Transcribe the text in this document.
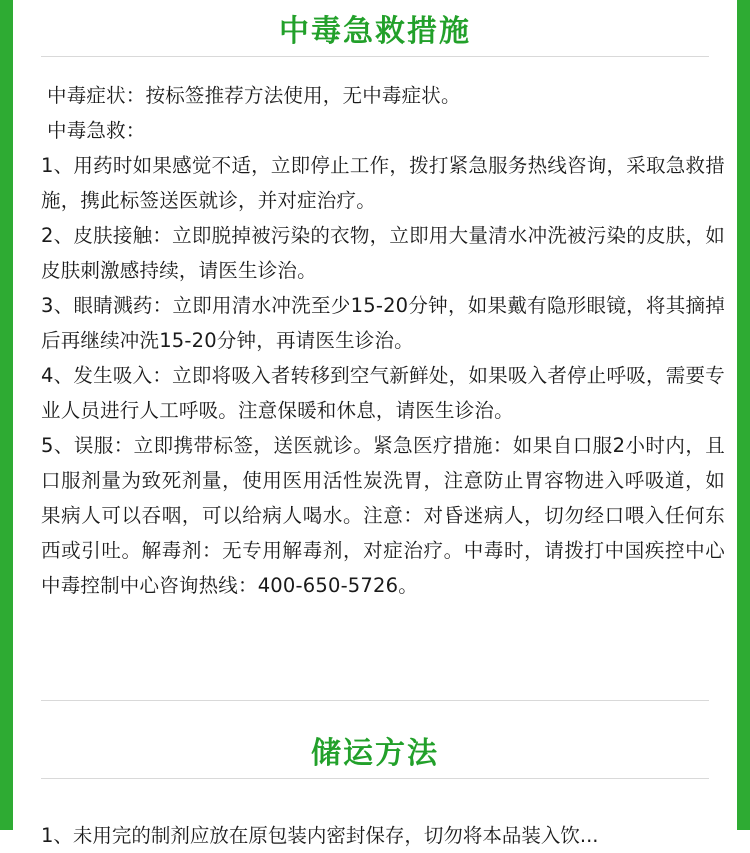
中毒急救措施

中毒症状：按标签推荐方法使用，无中毒症状。

中毒急救：

1、用药时如果感觉不适，立即停止工作，拨打紧急服务热线咨询，采取急救措施，携此标签送医就诊，并对症治疗。

2、皮肤接触：立即脱掉被污染的衣物，立即用大量清水冲洗被污染的皮肤，如皮肤刺激感持续，请医生诊治。

3、眼睛溅药：立即用清水冲洗至少15-20分钟，如果戴有隐形眼镜，将其摘掉后再继续冲洗15-20分钟，再请医生诊治。

4、发生吸入：立即将吸入者转移到空气新鲜处，如果吸入者停止呼吸，需要专业人员进行人工呼吸。注意保暖和休息，请医生诊治。

5、误服：立即携带标签，送医就诊。紧急医疗措施：如果自口服2小时内，且口服剂量为致死剂量，使用医用活性炭洗胃，注意防止胃容物进入呼吸道，如果病人可以吞咽，可以给病人喝水。注意：对昏迷病人，切勿经口喂入任何东西或引吐。解毒剂：无专用解毒剂，对症治疗。中毒时，请拨打中国疾控中心中毒控制中心咨询热线：400-650-5726。

储运方法

1、未用完的制剂应放在原包装内密封保存，切勿将本品装入饮...
